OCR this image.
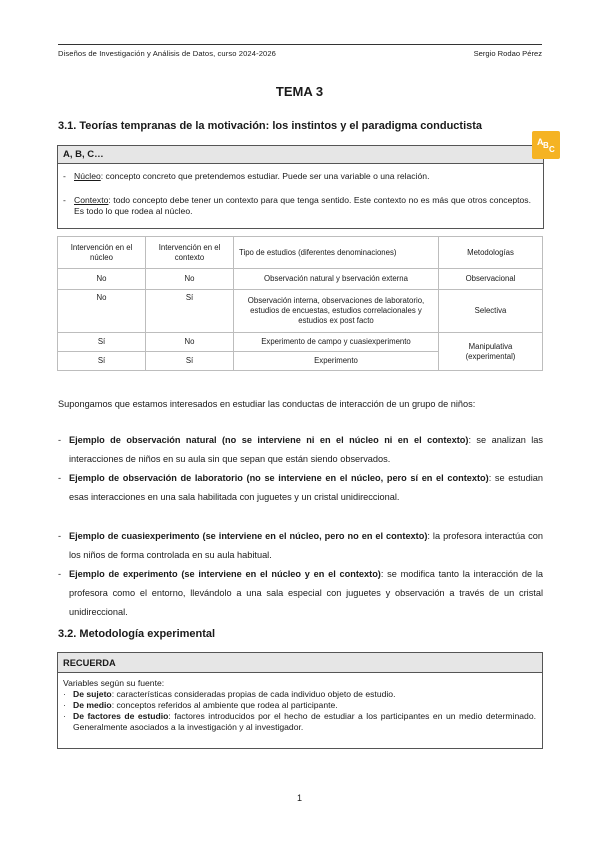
Diseños de Investigación y Análisis de Datos, curso 2024-2026	Sergio Rodao Pérez
TEMA 3
3.1. Teorías tempranas de la motivación: los instintos y el paradigma conductista
A, B, C…
- Núcleo: concepto concreto que pretendemos estudiar. Puede ser una variable o una relación.
- Contexto: todo concepto debe tener un contexto para que tenga sentido. Este contexto no es más que otros conceptos. Es todo lo que rodea al núcleo.
A B C
Intervención en el núcleo	Intervención en el contexto	Tipo de estudios (diferentes denominaciones)	Metodologías
No	No	Observación natural y bservación externa	Observacional
No	Sí	Observación interna, observaciones de laboratorio, estudios de encuestas, estudios correlacionales y estudios ex post facto	Selectiva
Sí	No	Experimento de campo y cuasiexperimento	Manipulativa (experimental)
Sí	Sí	Experimento	
Supongamos que estamos interesados en estudiar las conductas de interacción de un grupo de niños:
- Ejemplo de observación natural (no se interviene ni en el núcleo ni en el contexto): se analizan las interacciones de niños en su aula sin que sepan que están siendo observados.
- Ejemplo de observación de laboratorio (no se interviene en el núcleo, pero sí en el contexto): se estudian esas interacciones en una sala habilitada con juguetes y un cristal unidireccional.
- Ejemplo de cuasiexperimento (se interviene en el núcleo, pero no en el contexto): la profesora interactúa con los niños de forma controlada en su aula habitual.
- Ejemplo de experimento (se interviene en el núcleo y en el contexto): se modifica tanto la interacción de la profesora como el entorno, llevándolo a una sala especial con juguetes y observación a través de un cristal unidireccional.
3.2. Metodología experimental
RECUERDA
Variables según su fuente:
· De sujeto: características consideradas propias de cada individuo objeto de estudio.
· De medio: conceptos referidos al ambiente que rodea al participante.
· De factores de estudio: factores introducidos por el hecho de estudiar a los participantes en un medio determinado. Generalmente asociados a la investigación y al investigador.
1
